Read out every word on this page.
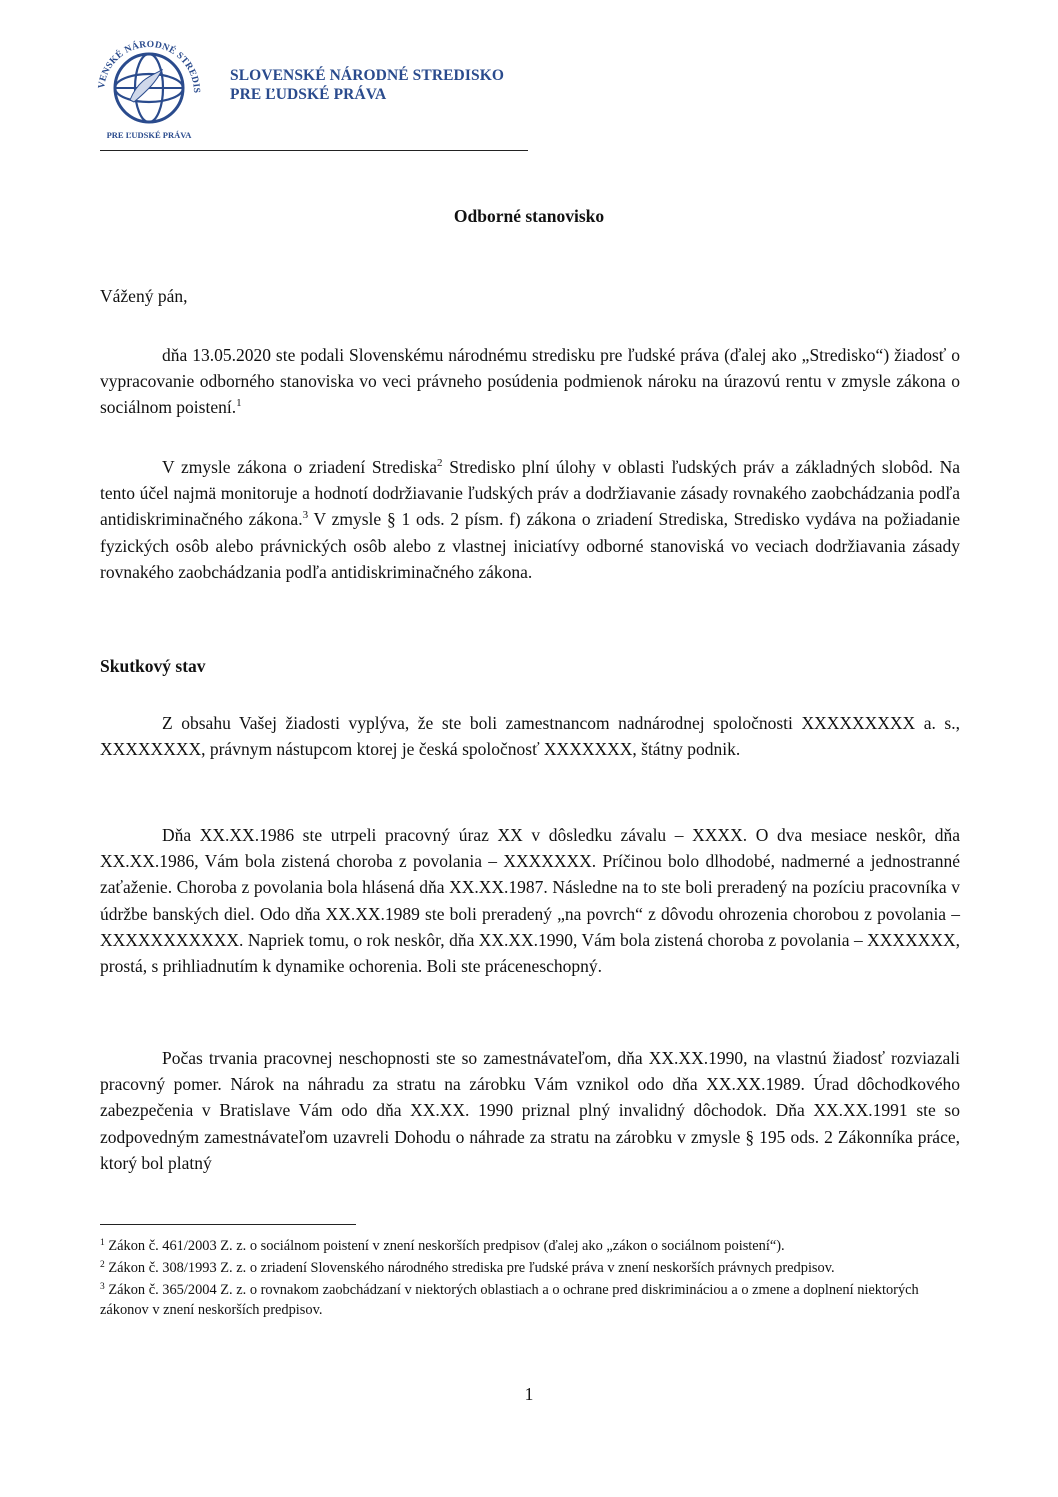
VENSKÉ NÁRODNÉ STREDIS
PRE ĽUDSKÉ PRÁVA
SLOVENSKÉ NÁRODNÉ STREDISKO
PRE ĽUDSKÉ PRÁVA
Odborné stanovisko
Vážený pán,
dňa 13.05.2020 ste podali Slovenskému národnému stredisku pre ľudské práva (ďalej ako „Stredisko“) žiadosť o vypracovanie odborného stanoviska vo veci právneho posúdenia podmienok nároku na úrazovú rentu v zmysle zákona o sociálnom poistení.$^1$
V zmysle zákona o zriadení Strediska$^2$ Stredisko plní úlohy v oblasti ľudských práv a základných slobôd. Na tento účel najmä monitoruje a hodnotí dodržiavanie ľudských práv a dodržiavanie zásady rovnakého zaobchádzania podľa antidiskriminačného zákona.$^3$ V zmysle § 1 ods. 2 písm. f) zákona o zriadení Strediska, Stredisko vydáva na požiadanie fyzických osôb alebo právnických osôb alebo z vlastnej iniciatívy odborné stanoviská vo veciach dodržiavania zásady rovnakého zaobchádzania podľa antidiskriminačného zákona.
Skutkový stav
Z obsahu Vašej žiadosti vyplýva, že ste boli zamestnancom nadnárodnej spoločnosti XXXXXXXXX a. s., XXXXXXXX, právnym nástupcom ktorej je česká spoločnosť XXXXXXX, štátny podnik.
Dňa XX.XX.1986 ste utrpeli pracovný úraz XX v dôsledku závalu – XXXX. O dva mesiace neskôr, dňa XX.XX.1986, Vám bola zistená choroba z povolania – XXXXXXX. Príčinou bolo dlhodobé, nadmerné a jednostranné zaťaženie. Choroba z povolania bola hlásená dňa XX.XX.1987. Následne na to ste boli preradený na pozíciu pracovníka v údržbe banských diel. Odo dňa XX.XX.1989 ste boli preradený „na povrch“ z dôvodu ohrozenia chorobou z povolania – XXXXXXXXXXX. Napriek tomu, o rok neskôr, dňa XX.XX.1990, Vám bola zistená choroba z povolania – XXXXXXX, prostá, s prihliadnutím k dynamike ochorenia. Boli ste práceneschopný.
Počas trvania pracovnej neschopnosti ste so zamestnávateľom, dňa XX.XX.1990, na vlastnú žiadosť rozviazali pracovný pomer. Nárok na náhradu za stratu na zárobku Vám vznikol odo dňa XX.XX.1989. Úrad dôchodkového zabezpečenia v Bratislave Vám odo dňa XX.XX. 1990 priznal plný invalidný dôchodok. Dňa XX.XX.1991 ste so zodpovedným zamestnávateľom uzavreli Dohodu o náhrade za stratu na zárobku v zmysle § 195 ods. 2 Zákonníka práce, ktorý bol platný

$^1$ Zákon č. 461/2003 Z. z. o sociálnom poistení v znení neskorších predpisov (ďalej ako „zákon o sociálnom poistení“).

$^2$ Zákon č. 308/1993 Z. z. o zriadení Slovenského národného strediska pre ľudské práva v znení neskorších právnych predpisov.

$^3$ Zákon č. 365/2004 Z. z. o rovnakom zaobchádzaní v niektorých oblastiach a o ochrane pred diskrimináciou a o zmene a doplnení niektorých zákonov v znení neskorších predpisov.

1
